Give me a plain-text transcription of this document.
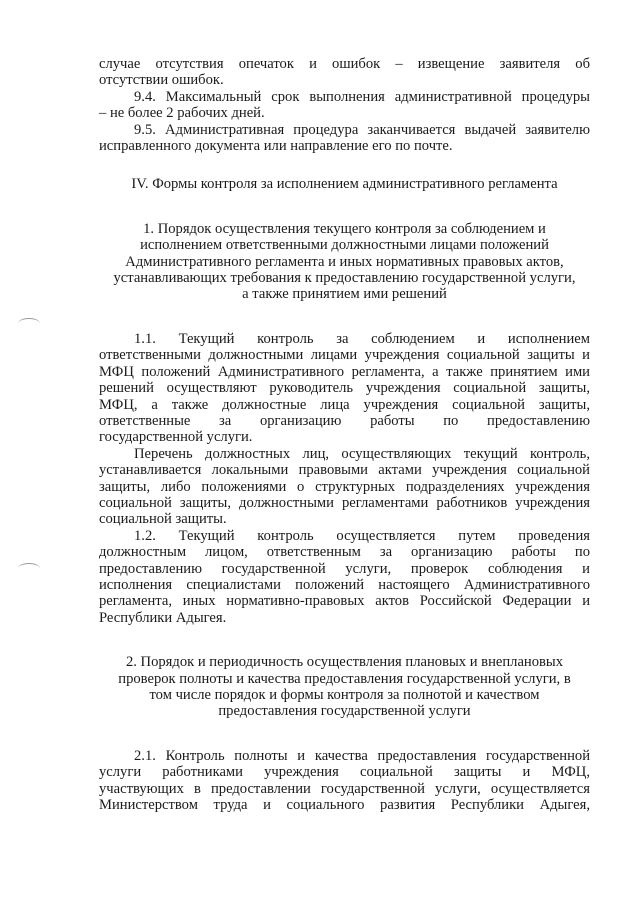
случае отсутствия опечаток и ошибок – извещение заявителя об
отсутствии ошибок.
9.4. Максимальный срок выполнения административной процедуры
– не более 2 рабочих дней.
9.5. Административная процедура заканчивается выдачей заявителю
исправленного документа или направление его по почте.
IV. Формы контроля за исполнением административного регламента
1. Порядок осуществления текущего контроля за соблюдением и
исполнением ответственными должностными лицами положений
Административного регламента и иных нормативных правовых актов,
устанавливающих требования к предоставлению государственной услуги,
а также принятием ими решений
1.1. Текущий контроль за соблюдением и исполнением
ответственными должностными лицами учреждения социальной защиты и
МФЦ положений Административного регламента, а также принятием ими
решений осуществляют руководитель учреждения социальной защиты,
МФЦ, а также должностные лица учреждения социальной защиты,
ответственные за организацию работы по предоставлению
государственной услуги.
Перечень должностных лиц, осуществляющих текущий контроль,
устанавливается локальными правовыми актами учреждения социальной
защиты, либо положениями о структурных подразделениях учреждения
социальной защиты, должностными регламентами работников учреждения
социальной защиты.
1.2. Текущий контроль осуществляется путем проведения
должностным лицом, ответственным за организацию работы по
предоставлению государственной услуги, проверок соблюдения и
исполнения специалистами положений настоящего Административного
регламента, иных нормативно-правовых актов Российской Федерации и
Республики Адыгея.
2. Порядок и периодичность осуществления плановых и внеплановых
проверок полноты и качества предоставления государственной услуги, в
том числе порядок и формы контроля за полнотой и качеством
предоставления государственной услуги
2.1. Контроль полноты и качества предоставления государственной
услуги работниками учреждения социальной защиты и МФЦ,
участвующих в предоставлении государственной услуги, осуществляется
Министерством труда и социального развития Республики Адыгея,
